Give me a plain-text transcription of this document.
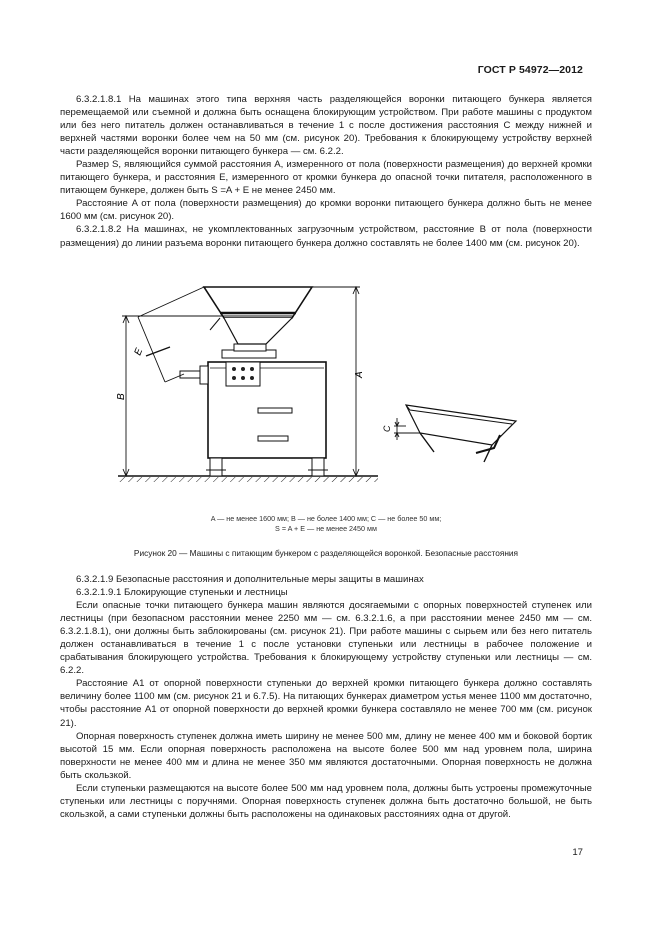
ГОСТ Р 54972—2012

6.3.2.1.8.1 На машинах этого типа верхняя часть разделяющейся воронки питающего бункера является перемещаемой или съемной и должна быть оснащена блокирующим устройством. При работе машины с продуктом или без него питатель должен останавливаться в течение 1 с после достижения расстояния C между нижней и верхней частями воронки более чем на 50 мм (см. рисунок 20). Требования к блокирующему устройству верхней части разделяющейся воронки питающего бункера — см. 6.2.2.

Размер S, являющийся суммой расстояния A, измеренного от пола (поверхности размещения) до верхней кромки питающего бункера, и расстояния E, измеренного от кромки бункера до опасной точки питателя, расположенного в питающем бункере, должен быть S =A + E не менее 2450 мм.

Расстояние A от пола (поверхности размещения) до кромки воронки питающего бункера должно быть не менее 1600 мм (см. рисунок 20).

6.3.2.1.8.2 На машинах, не укомплектованных загрузочным устройством, расстояние B от пола (поверхности размещения) до линии разъема воронки питающего бункера должно составлять не более 1400 мм (см. рисунок 20).

A
B
E
C
A — не менее 1600 мм; B — не более 1400 мм; C — не более 50 мм;
S = A + E — не менее 2450 мм
Рисунок 20 — Машины с питающим бункером с разделяющейся воронкой. Безопасные расстояния

6.3.2.1.9 Безопасные расстояния и дополнительные меры защиты в машинах

6.3.2.1.9.1 Блокирующие ступеньки и лестницы

Если опасные точки питающего бункера машин являются досягаемыми с опорных поверхностей ступенек или лестницы (при безопасном расстоянии менее 2250 мм — см. 6.3.2.1.6, а при расстоянии менее 2450 мм — см. 6.3.2.1.8.1), они должны быть заблокированы (см. рисунок 21). При работе машины с сырьем или без него питатель должен останавливаться в течение 1 с после установки ступеньки или лестницы в рабочее положение и срабатывания блокирующего устройства. Требования к блокирующему устройству ступеньки или лестницы — см. 6.2.2.

Расстояние A1 от опорной поверхности ступеньки до верхней кромки питающего бункера должно составлять величину более 1100 мм (см. рисунок 21 и 6.7.5). На питающих бункерах диаметром устья менее 1100 мм достаточно, чтобы расстояние A1 от опорной поверхности до верхней кромки бункера составляло не менее 700 мм (см. рисунок 21).

Опорная поверхность ступенек должна иметь ширину не менее 500 мм, длину не менее 400 мм и боковой бортик высотой 15 мм. Если опорная поверхность расположена на высоте более 500 мм над уровнем пола, ширина поверхности не менее 400 мм и длина не менее 350 мм являются достаточными. Опорная поверхность не должна быть скользкой.

Если ступеньки размещаются на высоте более 500 мм над уровнем пола, должны быть устроены промежуточные ступеньки или лестницы с поручнями. Опорная поверхность ступенек должна быть достаточно большой, не быть скользкой, а сами ступеньки должны быть расположены на одинаковых расстояниях одна от другой.

17
